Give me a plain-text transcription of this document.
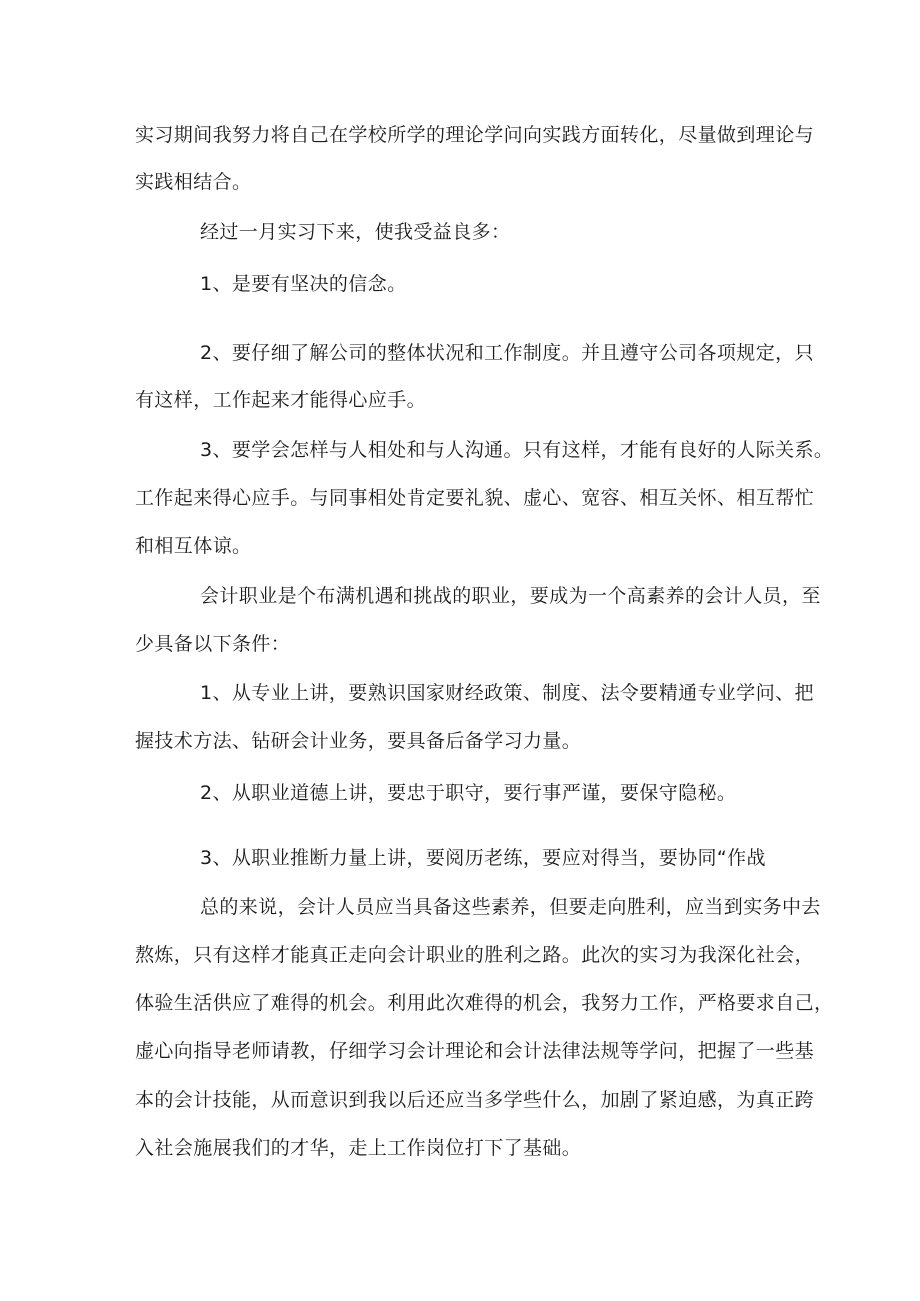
实习期间我努力将自己在学校所学的理论学问向实践方面转化，尽量做到理论与
实践相结合。
经过一月实习下来，使我受益良多：
1、是要有坚决的信念。
2、要仔细了解公司的整体状况和工作制度。并且遵守公司各项规定，只
有这样，工作起来才能得心应手。
3、要学会怎样与人相处和与人沟通。只有这样，才能有良好的人际关系。
工作起来得心应手。与同事相处肯定要礼貌、虚心、宽容、相互关怀、相互帮忙
和相互体谅。
会计职业是个布满机遇和挑战的职业，要成为一个高素养的会计人员，至
少具备以下条件：
1、从专业上讲，要熟识国家财经政策、制度、法令要精通专业学问、把
握技术方法、钻研会计业务，要具备后备学习力量。
2、从职业道德上讲，要忠于职守，要行事严谨，要保守隐秘。
3、从职业推断力量上讲，要阅历老练，要应对得当，要协同“作战
总的来说，会计人员应当具备这些素养，但要走向胜利，应当到实务中去
熬炼，只有这样才能真正走向会计职业的胜利之路。此次的实习为我深化社会，
体验生活供应了难得的机会。利用此次难得的机会，我努力工作，严格要求自己，
虚心向指导老师请教，仔细学习会计理论和会计法律法规等学问，把握了一些基
本的会计技能，从而意识到我以后还应当多学些什么，加剧了紧迫感，为真正跨
入社会施展我们的才华，走上工作岗位打下了基础。
